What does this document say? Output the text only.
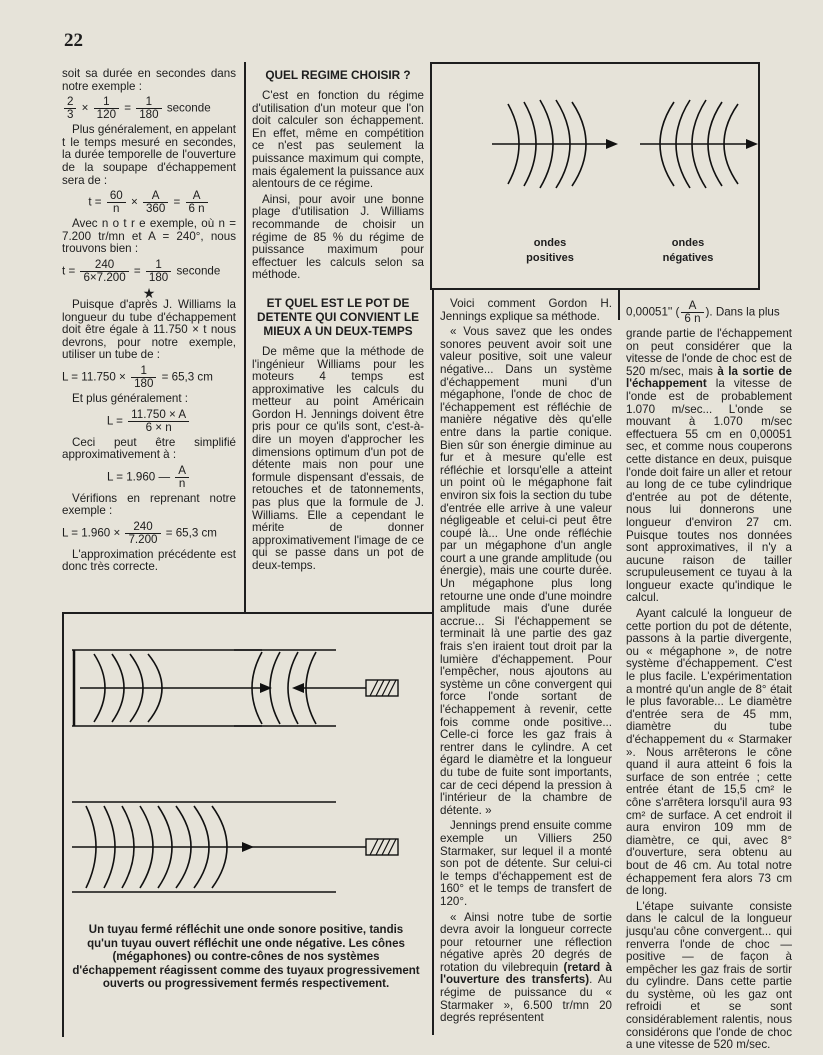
22

soit sa durée en secondes dans notre exemple :

$\frac{2}{3} \times \frac{1}{120} = \frac{1}{180}$ seconde

Plus généralement, en appelant t le temps mesuré en secondes, la durée temporelle de l'ouverture de la soupape d'échappement sera de :

$t = \frac{60}{n} \times \frac{A}{360} = \frac{A}{6 n}$

Avec n o t r e exemple, où n = 7.200 tr/mn et A = 240°, nous trouvons bien :

$t = \frac{240}{6\times 7.200} = \frac{1}{180}$ seconde
★

Puisque d'après J. Williams la longueur du tube d'échappement doit être égale à 11.750 × t nous devrons, pour notre exemple, utiliser un tube de :

$L = 11.750 \times \frac{1}{180} = 65,3$ cm

Et plus généralement :

$L = \frac{11.750 \times A}{6 \times n}$

Ceci peut être simplifié approximativement à :

L = 1.960 — $\frac{A}{n}$

Vérifions en reprenant notre exemple :

$L = 1.960 \times \frac{240}{7.200} = 65,3$ cm

L'approximation précédente est donc très correcte.

QUEL REGIME CHOISIR ?

C'est en fonction du régime d'utilisation d'un moteur que l'on doit calculer son échappement. En effet, même en compétition ce n'est pas seulement la puissance maximum qui compte, mais également la puissance aux alentours de ce régime.

Ainsi, pour avoir une bonne plage d'utilisation J. Williams recommande de choisir un régime de 85 % du régime de puissance maximum pour effectuer les calculs selon sa méthode.

ET QUEL EST LE POT DE DETENTE QUI CONVIENT LE MIEUX A UN DEUX-TEMPS

De même que la méthode de l'ingénieur Williams pour les moteurs 4 temps est approximative les calculs du metteur au point Américain Gordon H. Jennings doivent être pris pour ce qu'ils sont, c'est-à-dire un moyen d'approcher les dimensions optimum d'un pot de détente mais non pour une formule dispensant d'essais, de retouches et de tatonnements, pas plus que la formule de J. Williams. Elle a cependant le mérite de donner approximativement l'image de ce qui se passe dans un pot de deux-temps.

ondes
positives
ondes
négatives
Un tuyau fermé réfléchit une onde sonore positive, tandis qu'un tuyau ouvert réfléchit une onde négative. Les cônes (mégaphones) ou contre-cônes de nos systèmes d'échappement réagissent comme des tuyaux progressivement ouverts ou progressivement fermés respectivement.

Voici comment Gordon H. Jennings explique sa méthode.

« Vous savez que les ondes sonores peuvent avoir soit une valeur positive, soit une valeur négative... Dans un système d'échappement muni d'un mégaphone, l'onde de choc de l'échappement est réfléchie de manière négative dès qu'elle entre dans la partie conique. Bien sûr son énergie diminue au fur et à mesure qu'elle est réfléchie et lorsqu'elle a atteint un point où le mégaphone fait environ six fois la section du tube d'entrée elle arrive à une valeur négligeable et celui-ci peut être coupé là... Une onde réfléchie par un mégaphone d'un angle court a une grande amplitude (ou énergie), mais une courte durée. Un mégaphone plus long retourne une onde d'une moindre amplitude mais d'une durée accrue... Si l'échappement se terminait là une partie des gaz frais s'en iraient tout droit par la lumière d'échappement. Pour l'empêcher, nous ajoutons au système un cône convergent qui force l'onde sortant de l'échappement à revenir, cette fois comme onde positive... Celle-ci force les gaz frais à rentrer dans le cylindre. A cet égard le diamètre et la longueur du tube de fuite sont importants, car de ceci dépend la pression à l'intérieur de la chambre de détente. »

Jennings prend ensuite comme exemple un Villiers 250 Starmaker, sur lequel il a monté son pot de détente. Sur celui-ci le temps d'échappement est de 160° et le temps de transfert de 120°.

« Ainsi notre tube de sortie devra avoir la longueur correcte pour retourner une réflection négative après 20 degrés de rotation du vilebrequin (retard à l'ouverture des transferts). Au régime de puissance du « Starmaker », 6.500 tr/mn 20 degrés représentent

0,00051'' ( $\frac{A}{6 n}$ ). Dans la plus

grande partie de l'échappement on peut considérer que la vitesse de l'onde de choc est de 520 m/sec, mais à la sortie de l'échappement la vitesse de l'onde est de probablement 1.070 m/sec... L'onde se mouvant à 1.070 m/sec effectuera 55 cm en 0,00051 sec, et comme nous couperons cette distance en deux, puisque l'onde doit faire un aller et retour au long de ce tube cylindrique d'entrée au pot de détente, nous lui donnerons une longueur d'environ 27 cm. Puisque toutes nos données sont approximatives, il n'y a aucune raison de tailler scrupuleusement ce tuyau à la longueur exacte qu'indique le calcul.

Ayant calculé la longueur de cette portion du pot de détente, passons à la partie divergente, ou « mégaphone », de notre système d'échappement. C'est le plus facile. L'expérimentation a montré qu'un angle de 8° était le plus favorable... Le diamètre d'entrée sera de 45 mm, diamètre du tube d'échappement du « Starmaker ». Nous arrêterons le cône quand il aura atteint 6 fois la surface de son entrée ; cette entrée étant de 15,5 cm² le cône s'arrêtera lorsqu'il aura 93 cm² de surface. A cet endroit il aura environ 109 mm de diamètre, ce qui, avec 8° d'ouverture, sera obtenu au bout de 46 cm. Au total notre échappement fera alors 73 cm de long.

L'étape suivante consiste dans le calcul de la longueur jusqu'au cône convergent... qui renverra l'onde de choc — positive — de façon à empêcher les gaz frais de sortir du cylindre. Dans cette partie du système, où les gaz ont refroidi et se sont considérablement ralentis, nous considérons que l'onde de choc a une vitesse de 520 m/sec.
